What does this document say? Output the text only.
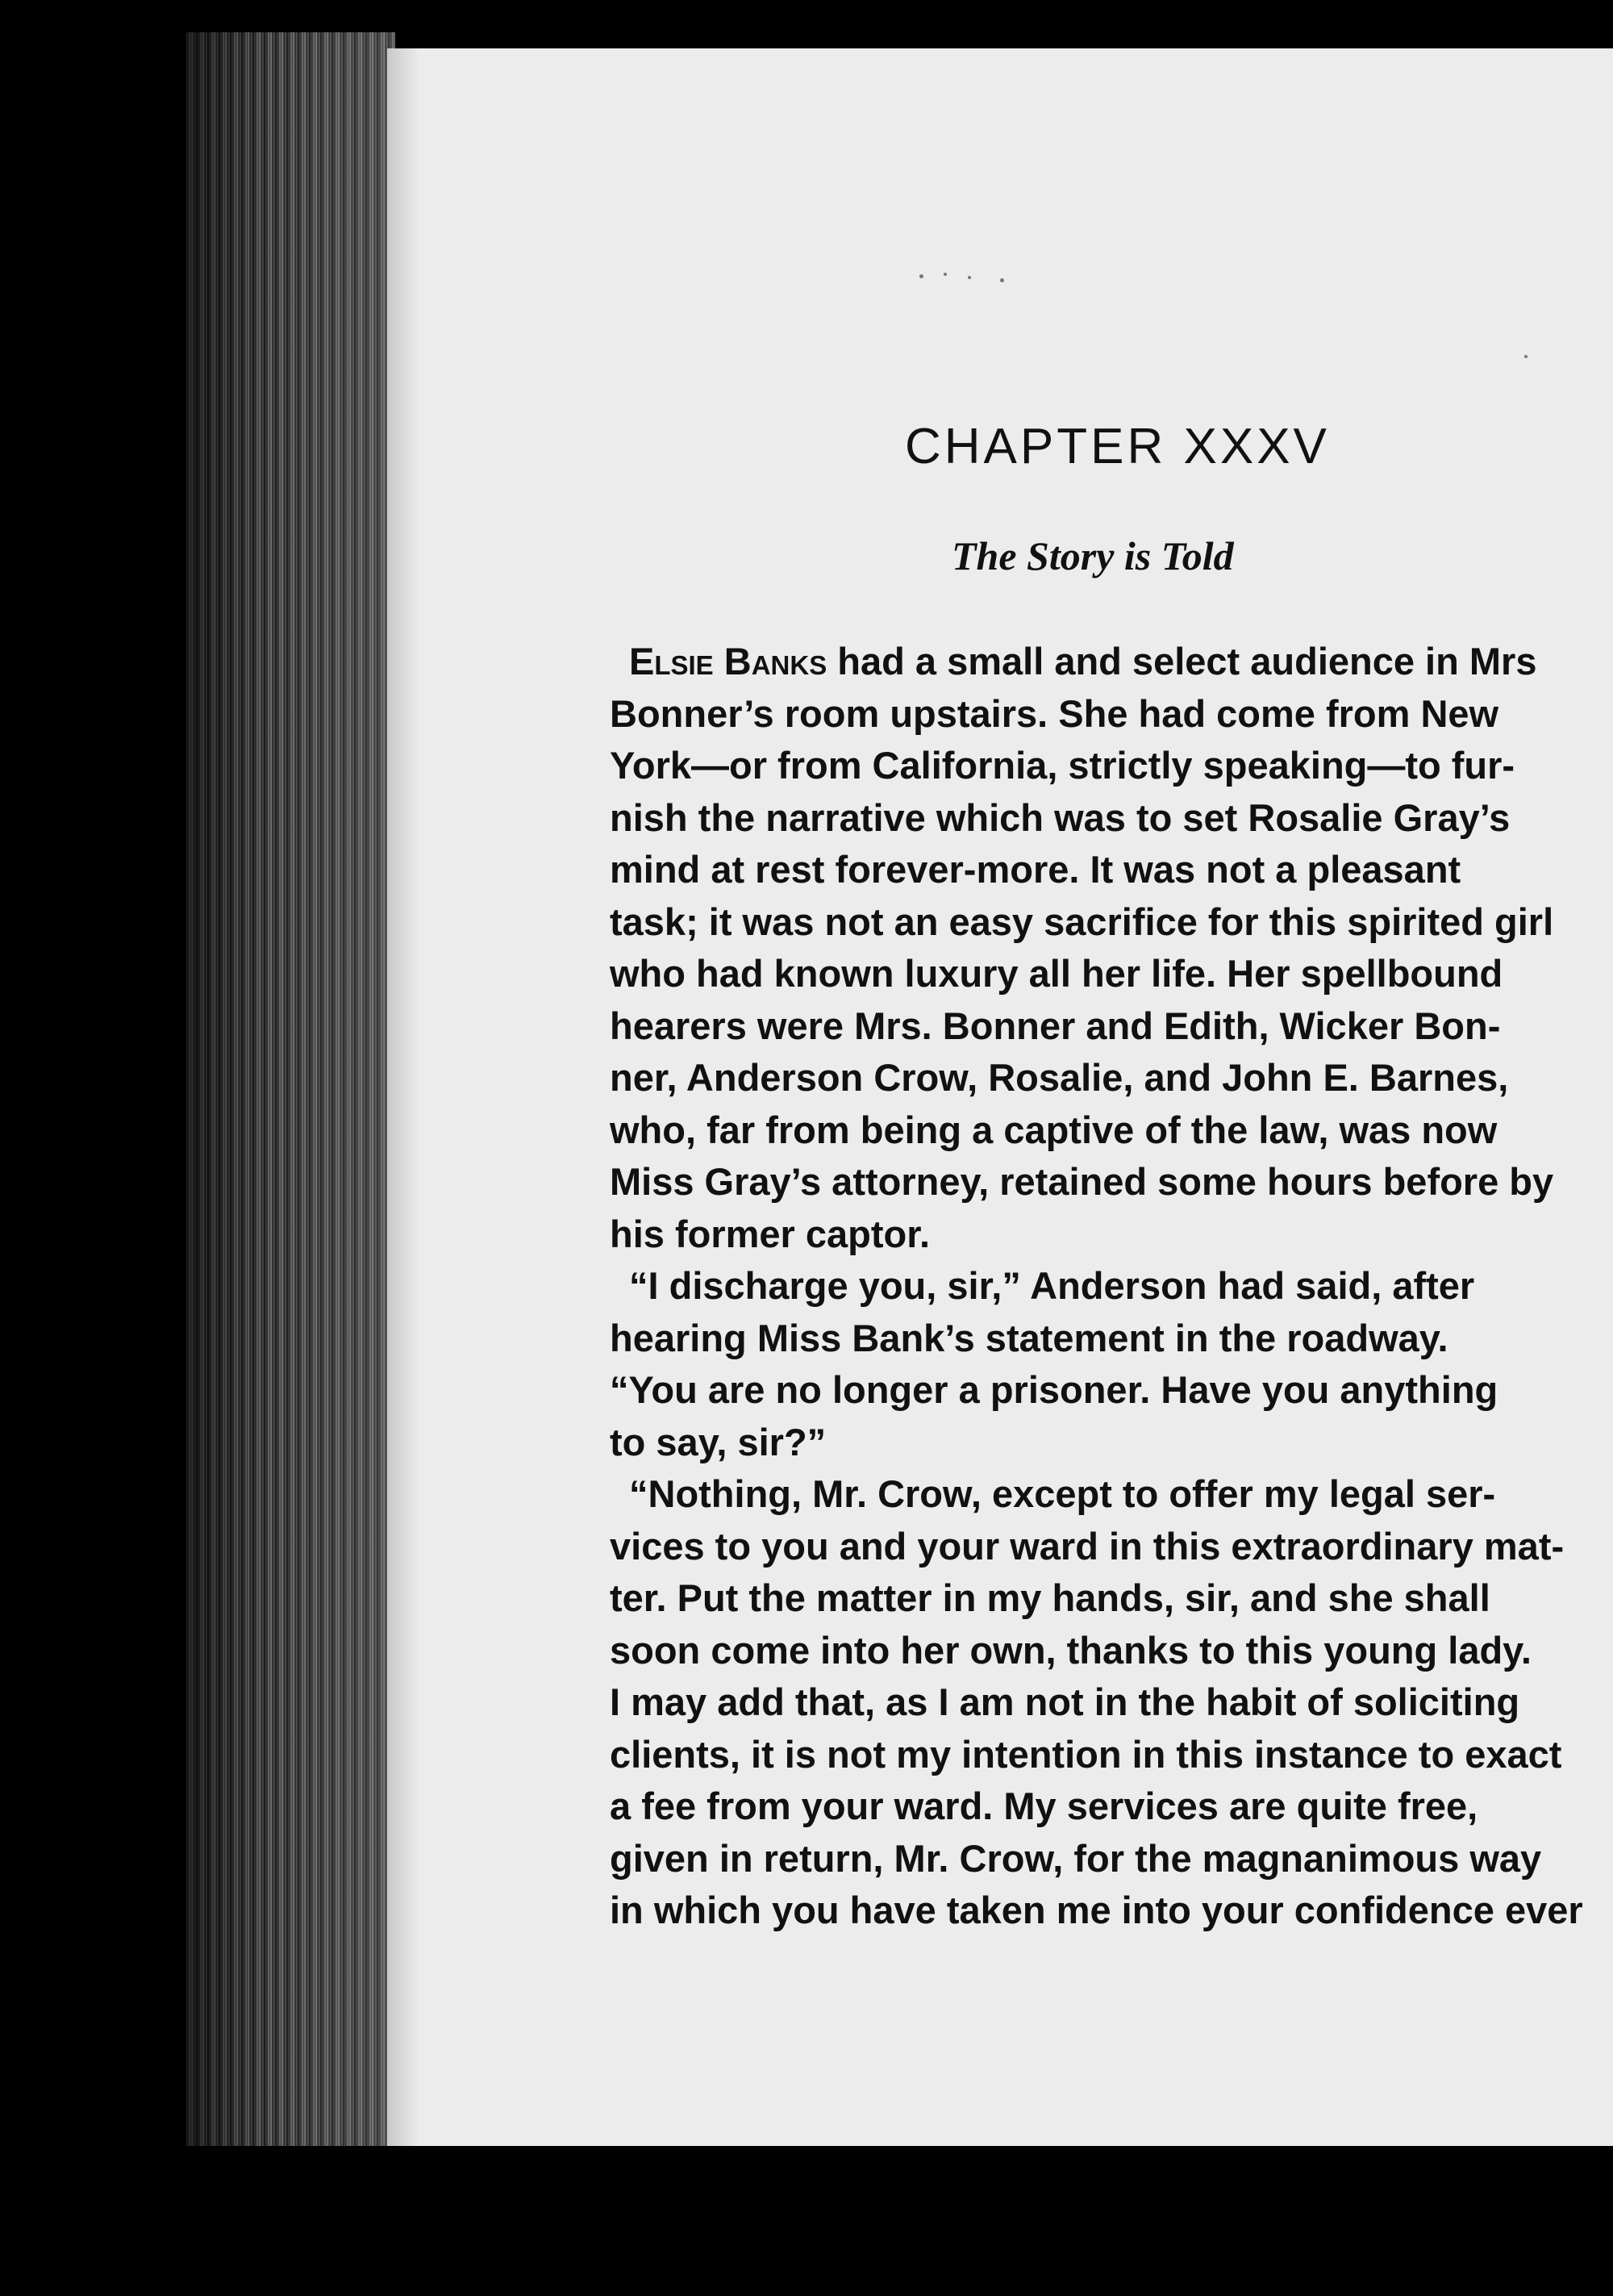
CHAPTER XXXV
The Story is Told
Elsie Banks had a small and select audience in Mrs
Bonner’s room upstairs. She had come from New
York—or from California, strictly speaking—to fur-
nish the narrative which was to set Rosalie Gray’s
mind at rest forever-more. It was not a pleasant
task; it was not an easy sacrifice for this spirited girl
who had known luxury all her life. Her spellbound
hearers were Mrs. Bonner and Edith, Wicker Bon-
ner, Anderson Crow, Rosalie, and John E. Barnes,
who, far from being a captive of the law, was now
Miss Gray’s attorney, retained some hours before by
his former captor.
“I discharge you, sir,” Anderson had said, after
hearing Miss Bank’s statement in the roadway.
“You are no longer a prisoner. Have you anything
to say, sir?”
“Nothing, Mr. Crow, except to offer my legal ser-
vices to you and your ward in this extraordinary mat-
ter. Put the matter in my hands, sir, and she shall
soon come into her own, thanks to this young lady.
I may add that, as I am not in the habit of soliciting
clients, it is not my intention in this instance to exact
a fee from your ward. My services are quite free,
given in return, Mr. Crow, for the magnanimous way
in which you have taken me into your confidence ever
